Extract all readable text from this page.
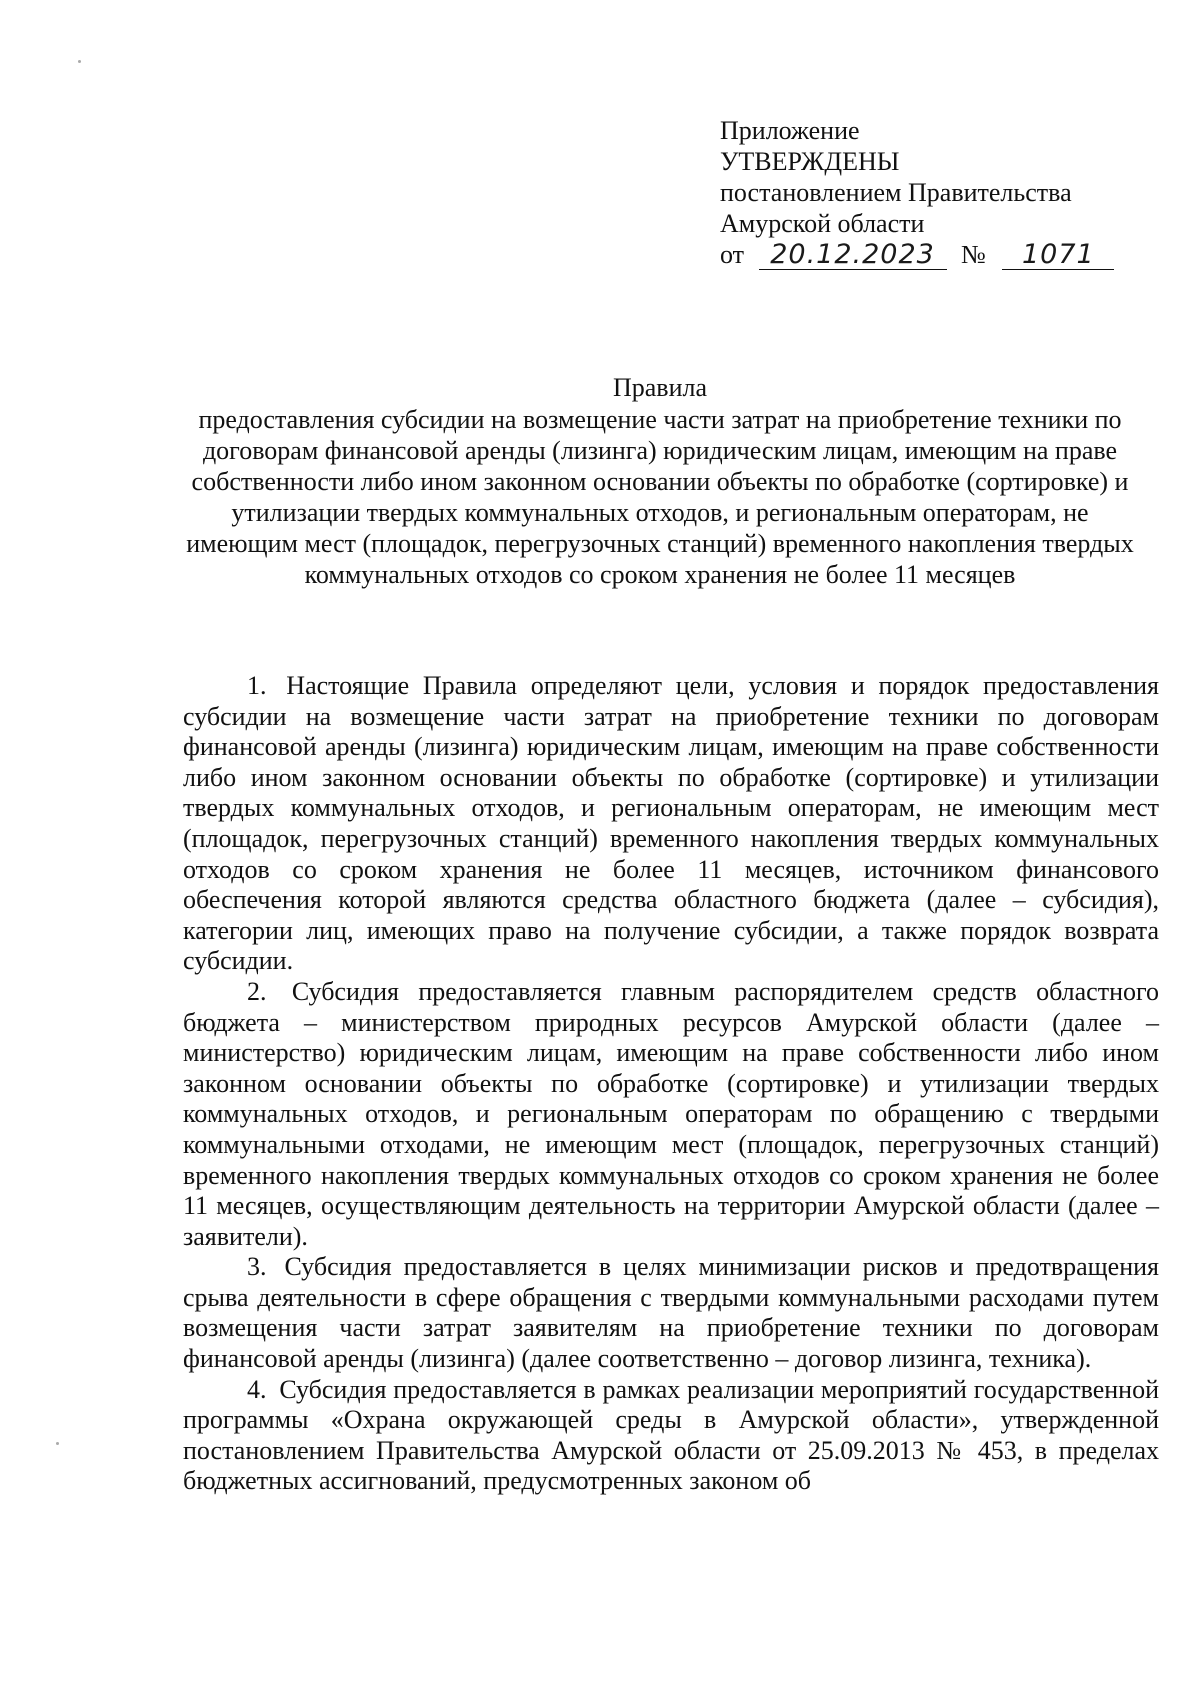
Приложение
УТВЕРЖДЕНЫ
постановлением Правительства
Амурской области
от 20.12.2023 № 1071
Правила
предоставления субсидии на возмещение части затрат на приобретение техники по договорам финансовой аренды (лизинга) юридическим лицам, имеющим на праве собственности либо ином законном основании объекты по обработке (сортировке) и утилизации твердых коммунальных отходов, и региональным операторам, не имеющим мест (площадок, перегрузочных станций) временного накопления твердых коммунальных отходов со сроком хранения не более 11 месяцев

1. Настоящие Правила определяют цели, условия и порядок предоставления субсидии на возмещение части затрат на приобретение техники по договорам финансовой аренды (лизинга) юридическим лицам, имеющим на праве собственности либо ином законном основании объекты по обработке (сортировке) и утилизации твердых коммунальных отходов, и региональным операторам, не имеющим мест (площадок, перегрузочных станций) временного накопления твердых коммунальных отходов со сроком хранения не более 11 месяцев, источником финансового обеспечения которой являются средства областного бюджета (далее – субсидия), категории лиц, имеющих право на получение субсидии, а также порядок возврата субсидии.

2. Субсидия предоставляется главным распорядителем средств областного бюджета – министерством природных ресурсов Амурской области (далее – министерство) юридическим лицам, имеющим на праве собственности либо ином законном основании объекты по обработке (сортировке) и утилизации твердых коммунальных отходов, и региональным операторам по обращению с твердыми коммунальными отходами, не имеющим мест (площадок, перегрузочных станций) временного накопления твердых коммунальных отходов со сроком хранения не более 11 месяцев, осуществляющим деятельность на территории Амурской области (далее – заявители).

3. Субсидия предоставляется в целях минимизации рисков и предотвращения срыва деятельности в сфере обращения с твердыми коммунальными расходами путем возмещения части затрат заявителям на приобретение техники по договорам финансовой аренды (лизинга) (далее соответственно – договор лизинга, техника).

4. Субсидия предоставляется в рамках реализации мероприятий государственной программы «Охрана окружающей среды в Амурской области», утвержденной постановлением Правительства Амурской области от 25.09.2013 № 453, в пределах бюджетных ассигнований, предусмотренных законом об
